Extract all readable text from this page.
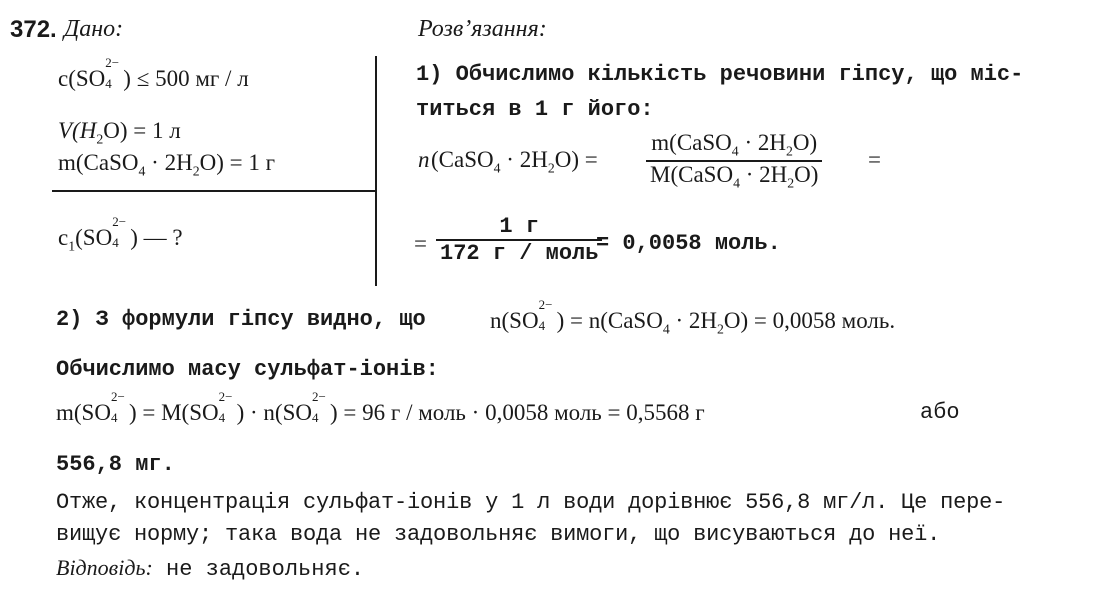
372. Дано:	Розв’язання:
c(SO
2−
4 ) ≤ 500 мг / л
$V(H_2O) = 1$ л
m(CaSO$_4$ · $2H_2O) = 1$ г
$c_1(SO$
2−
4 ) — ?
1) Обчислимо кількість речовини гіпсу, що міс-
титься в 1 г його:
n (CaSO$_4$ · $2H_2O) = \frac{m(CaSO_4 \cdot 2H_2O)}{M(CaSO_4 \cdot 2H_2O)}$ =
= $\frac{1 г}{\text{172 г / моль}}$
= 0,0058 моль.
2) З формули гіпсу видно, що	n(SO
2−
4 ) = n(CaSO$_4$ · $2H_2O) = 0,0058$ моль.
Обчислимо масу сульфат-іонів:
m(SO
2−
4 ) = M(SO
2−
4 ) · n(SO
2−
4 ) = 96 г / моль · 0,0058 моль = 0,5568 г	або
556,8 мг.
Отже, концентрація сульфат-іонів у 1 л води дорівнює 556,8 мг/л. Це пере-
вищує норму; така вода не задовольняє вимоги, що висуваються до неї.
Відповідь: не задовольняє.
